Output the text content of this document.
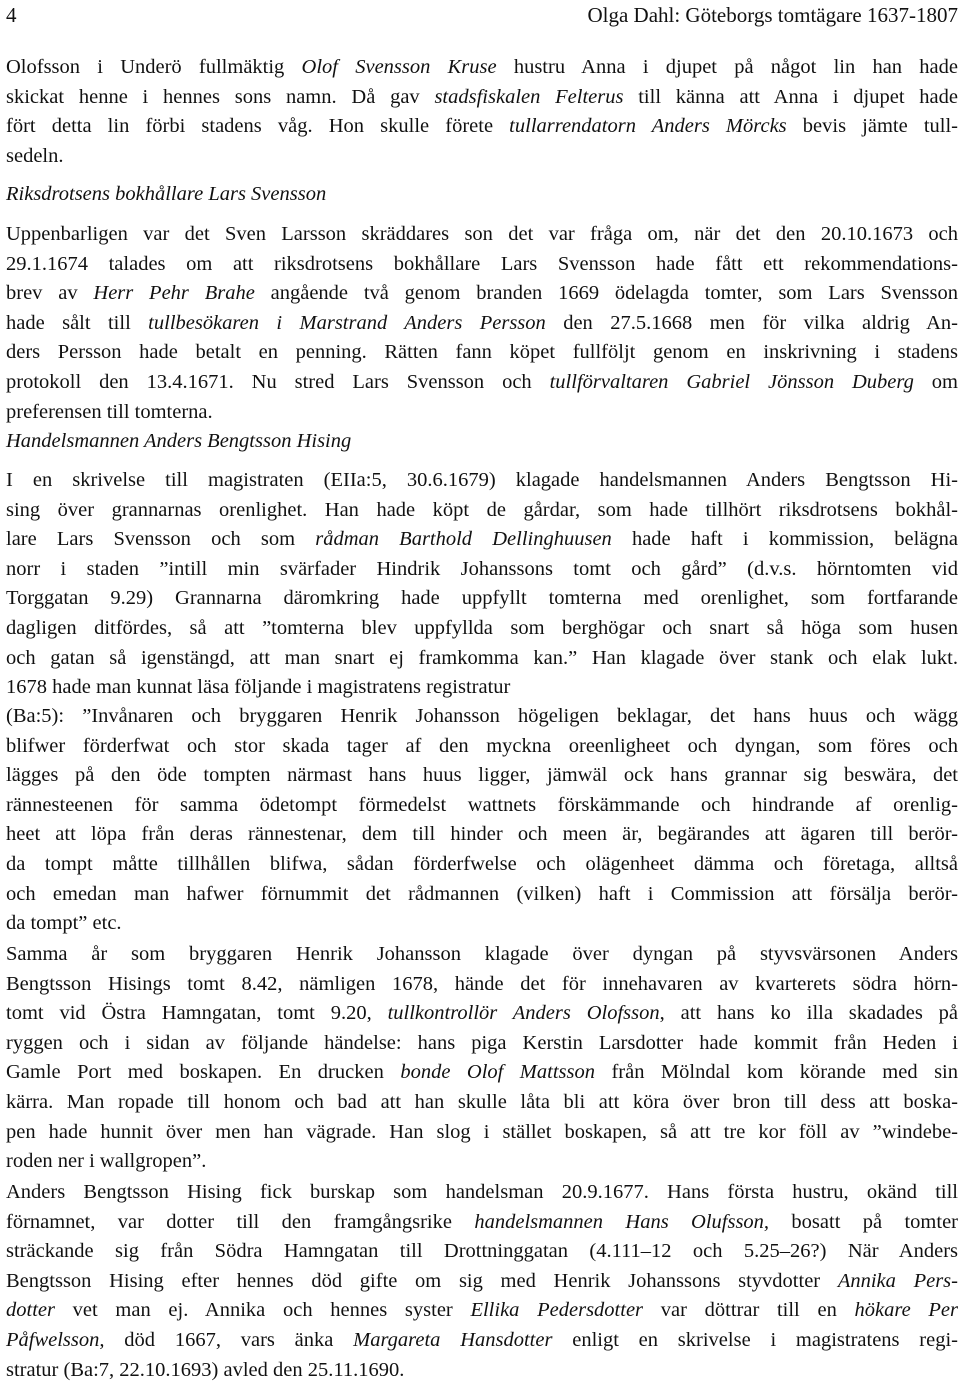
4	Olga Dahl: Göteborgs tomtägare 1637-1807
Olofsson i Underö fullmäktig Olof Svensson Kruse hustru Anna i djupet på något lin han hade
skickat henne i hennes sons namn. Då gav stadsfiskalen Felterus till känna att Anna i djupet hade
fört detta lin förbi stadens våg. Hon skulle förete tullarrendatorn Anders Mörcks bevis jämte tull-
sedeln.
Riksdrotsens bokhållare Lars Svensson
Uppenbarligen var det Sven Larsson skräddares son det var fråga om, när det den 20.10.1673 och
29.1.1674 talades om att riksdrotsens bokhållare Lars Svensson hade fått ett rekommendations-
brev av Herr Pehr Brahe angående två genom branden 1669 ödelagda tomter, som Lars Svensson
hade sålt till tullbesökaren i Marstrand Anders Persson den 27.5.1668 men för vilka aldrig An-
ders Persson hade betalt en penning. Rätten fann köpet fullföljt genom en inskrivning i stadens
protokoll den 13.4.1671. Nu stred Lars Svensson och tullförvaltaren Gabriel Jönsson Duberg om
preferensen till tomterna.
Handelsmannen Anders Bengtsson Hising
I en skrivelse till magistraten (EIIa:5, 30.6.1679) klagade handelsmannen Anders Bengtsson Hi-
sing över grannarnas orenlighet. Han hade köpt de gårdar, som hade tillhört riksdrotsens bokhål-
lare Lars Svensson och som rådman Barthold Dellinghuusen hade haft i kommission, belägna
norr i staden ”intill min svärfader Hindrik Johanssons tomt och gård” (d.v.s. hörntomten vid
Torggatan 9.29) Grannarna däromkring hade uppfyllt tomterna med orenlighet, som fortfarande
dagligen ditfördes, så att ”tomterna blev uppfyllda som berghögar och snart så höga som husen
och gatan så igenstängd, att man snart ej framkomma kan.” Han klagade över stank och elak lukt.
1678 hade man kunnat läsa följande i magistratens registratur
(Ba:5): ”Invånaren och bryggaren Henrik Johansson högeligen beklagar, det hans huus och wägg
blifwer förderfwat och stor skada tager af den myckna oreenligheet och dyngan, som föres och
lägges på den öde tompten närmast hans huus ligger, jämwäl ock hans grannar sig beswära, det
rännesteenen för samma ödetompt förmedelst wattnets förskämmande och hindrande af orenlig-
heet att löpa från deras rännestenar, dem till hinder och meen är, begärandes att ägaren till berör-
da tompt måtte tillhållen blifwa, sådan förderfwelse och olägenheet dämma och företaga, alltså
och emedan man hafwer förnummit det rådmannen (vilken) haft i Commission att försälja berör-
da tompt” etc.
Samma år som bryggaren Henrik Johansson klagade över dyngan på styvsvärsonen Anders
Bengtsson Hisings tomt 8.42, nämligen 1678, hände det för innehavaren av kvarterets södra hörn-
tomt vid Östra Hamngatan, tomt 9.20, tullkontrollör Anders Olofsson, att hans ko illa skadades på
ryggen och i sidan av följande händelse: hans piga Kerstin Larsdotter hade kommit från Heden i
Gamle Port med boskapen. En drucken bonde Olof Mattsson från Mölndal kom körande med sin
kärra. Man ropade till honom och bad att han skulle låta bli att köra över bron till dess att boska-
pen hade hunnit över men han vägrade. Han slog i stället boskapen, så att tre kor föll av ”windebe-
roden ner i wallgropen”.
Anders Bengtsson Hising fick burskap som handelsman 20.9.1677. Hans första hustru, okänd till
förnamnet, var dotter till den framgångsrike handelsmannen Hans Olufsson, bosatt på tomter
sträckande sig från Södra Hamngatan till Drottninggatan (4.111–12 och 5.25–26?) När Anders
Bengtsson Hising efter hennes död gifte om sig med Henrik Johanssons styvdotter Annika Pers-
dotter vet man ej. Annika och hennes syster Ellika Pedersdotter var döttrar till en hökare Per
Påfwelsson, död 1667, vars änka Margareta Hansdotter enligt en skrivelse i magistratens regi-
stratur (Ba:7, 22.10.1693) avled den 25.11.1690.
